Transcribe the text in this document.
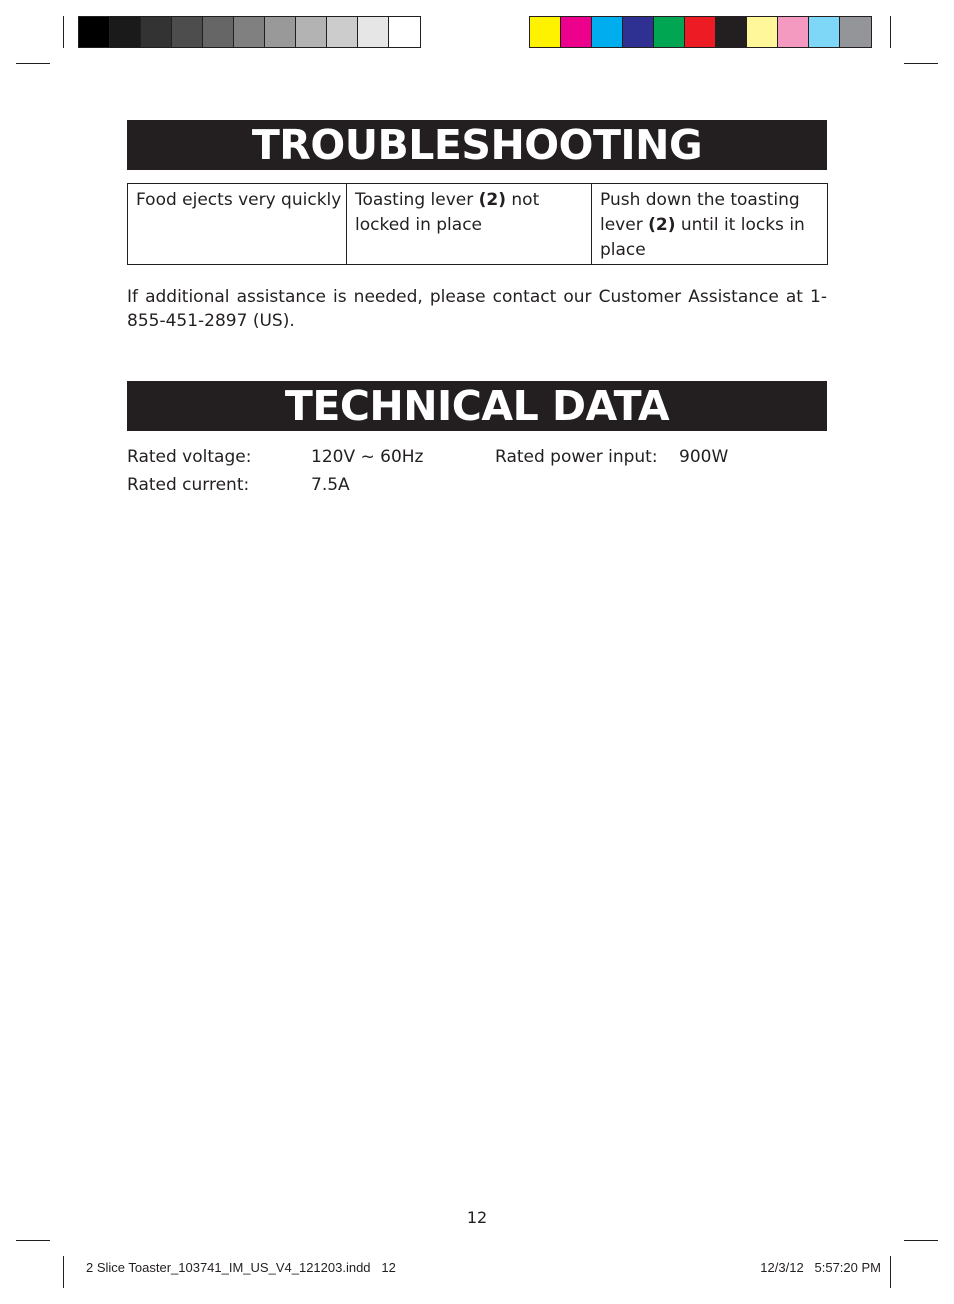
TROUBLESHOOTING
Food ejects very quickly	Toasting lever (2) not locked in place	Push down the toasting lever (2) until it locks in place
If additional assistance is needed, please contact our Customer Assistance at 1-855-451-2897 (US).
TECHNICAL DATA
Rated voltage:	120V ~ 60Hz	Rated power input: 900W
Rated current:	7.5A
12
2 Slice Toaster_103741_IM_US_V4_121203.indd   12	12/3/12   5:57:20 PM
